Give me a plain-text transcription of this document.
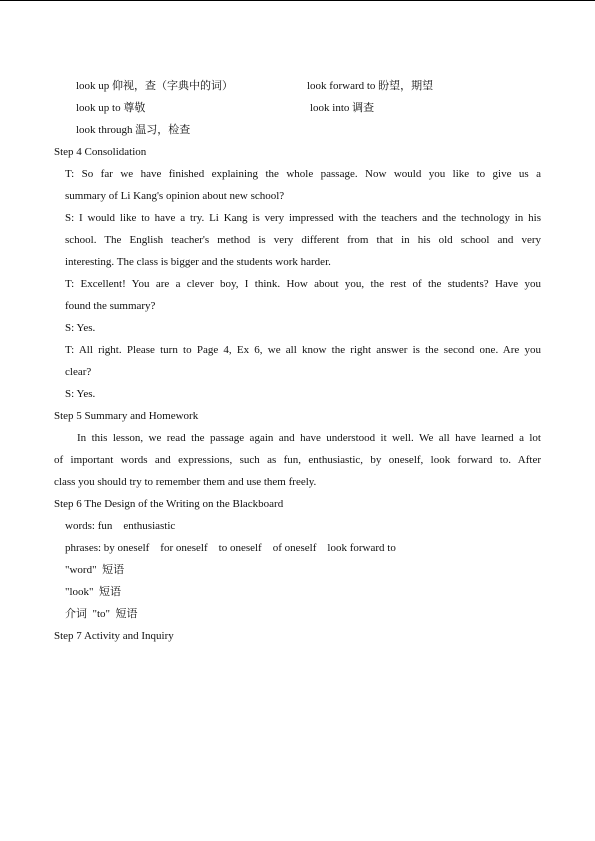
look up 仰视，查（字典中的词）	look forward to 盼望，期望
look up to 尊敬	look into 调查
look through 温习，检查
Step 4 Consolidation
T: So far we have finished explaining the whole passage. Now would you like to give us a
summary of Li Kang's opinion about new school?
S: I would like to have a try. Li Kang is very impressed with the teachers and the technology in his
school. The English teacher's method is very different from that in his old school and very
interesting. The class is bigger and the students work harder.
T: Excellent! You are a clever boy, I think. How about you, the rest of the students? Have you
found the summary?
S: Yes.
T: All right. Please turn to Page 4, Ex 6, we all know the right answer is the second one. Are you
clear?
S: Yes.
Step 5 Summary and Homework
In this lesson, we read the passage again and have understood it well. We all have learned a lot
of important words and expressions, such as fun, enthusiastic, by oneself, look forward to. After
class you should try to remember them and use them freely.
Step 6 The Design of the Writing on the Blackboard
words: fun    enthusiastic
phrases: by oneself    for oneself    to oneself    of oneself    look forward to
"word"  短语
"look"  短语
介词  "to"  短语
Step 7 Activity and Inquiry
